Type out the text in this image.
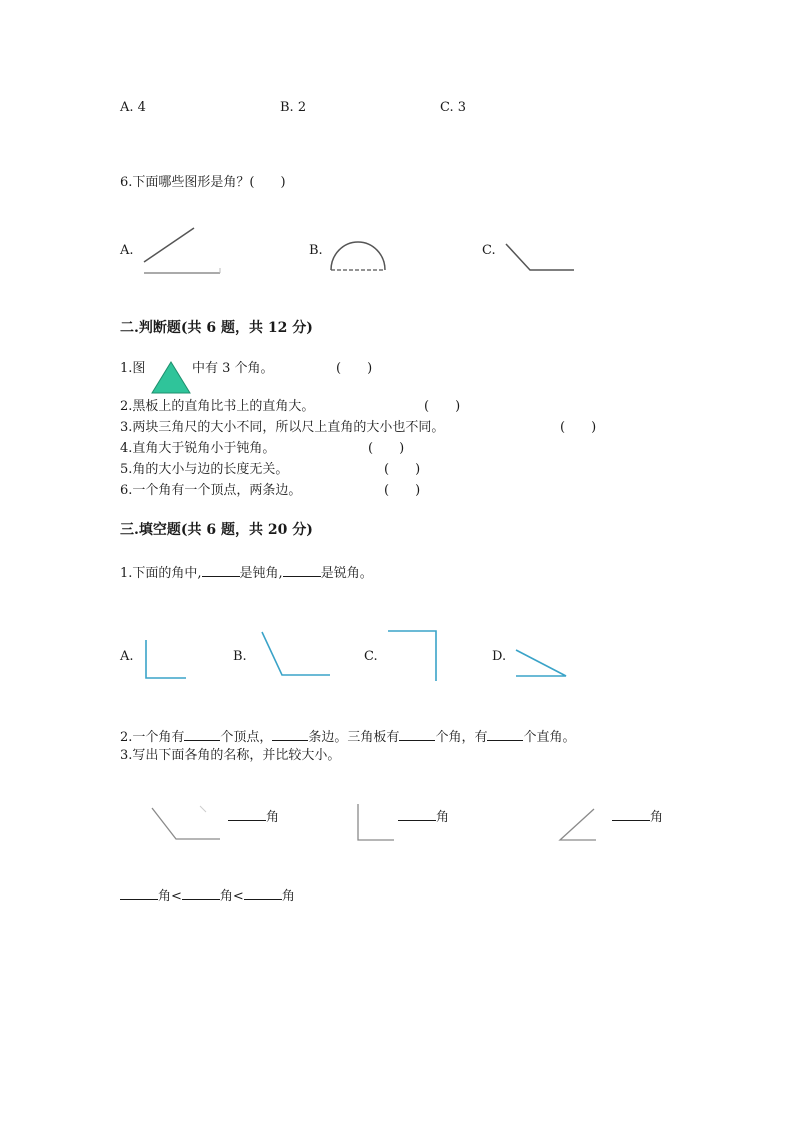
A. 4	B. 2	C. 3
6.下面哪些图形是角？(　　)
A.	B.	C.
二.判断题(共 6 题，共 12 分)
1.图	中有 3 个角。	(　　)
2.黑板上的直角比书上的直角大。	(　　)
3.两块三角尺的大小不同，所以尺上直角的大小也不同。	(　　)
4.直角大于锐角小于钝角。	(　　)
5.角的大小与边的长度无关。	(　　)
6.一个角有一个顶点，两条边。	(　　)
三.填空题(共 6 题，共 20 分)
1.下面的角中,	是钝角,	是锐角。
A.	B.	C.	D.
2.一个角有	个顶点，	条边。三角板有	个角，有	个直角。
3.写出下面各角的名称，并比较大小。
角	角	角
角<	角<	角
